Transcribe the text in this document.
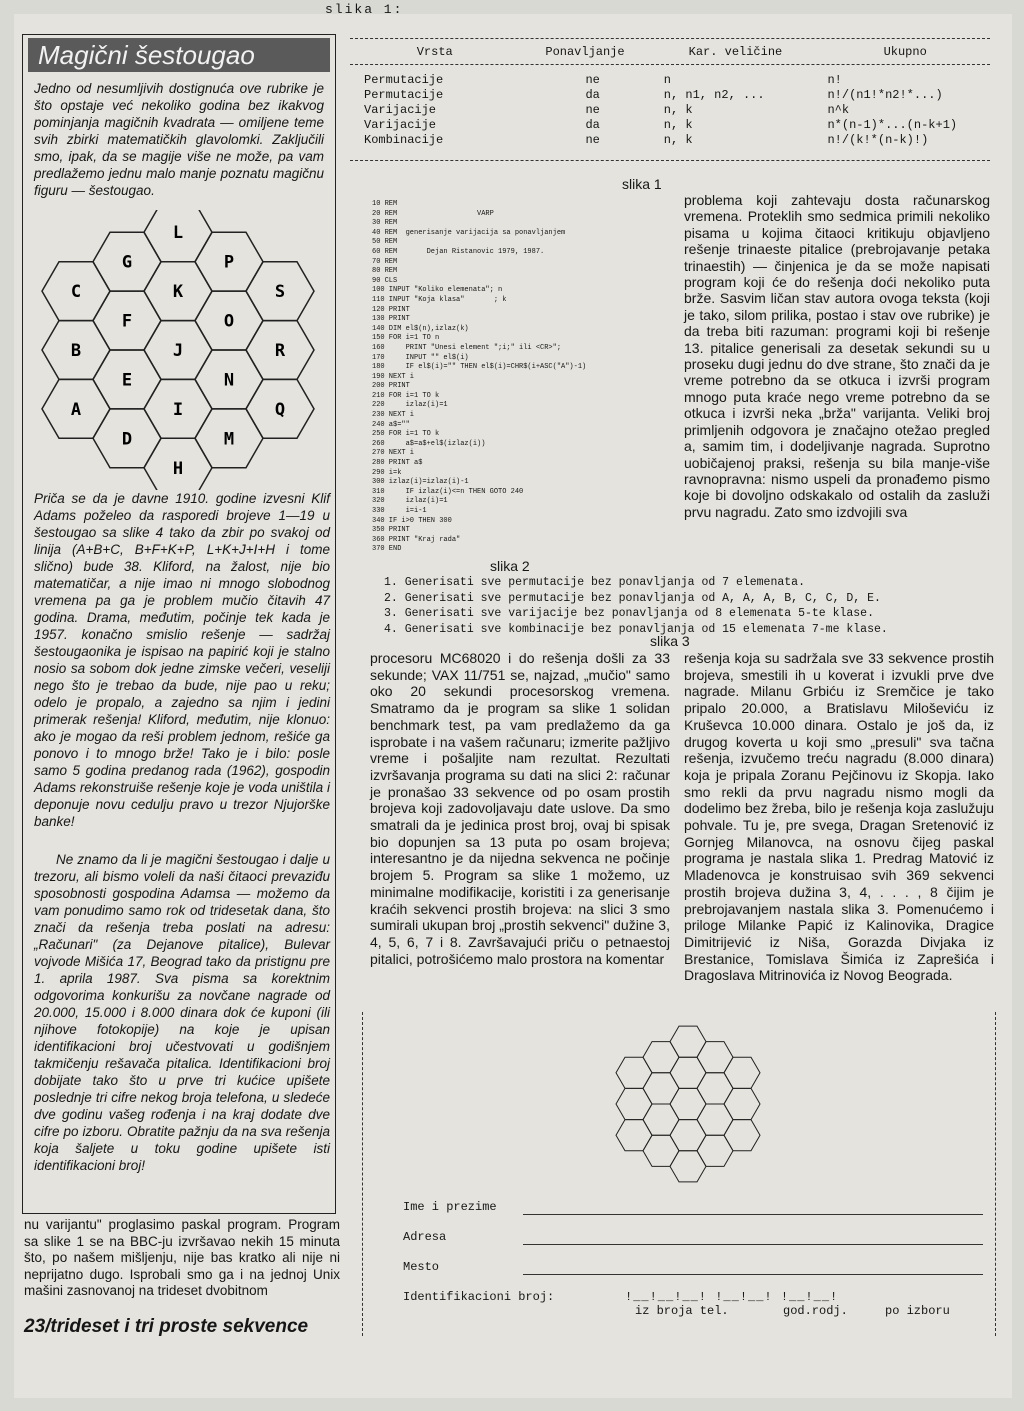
slika 1:
Magični šestougao
Jedno od nesumljivih dostignuća ove rubrike je što opstaje već nekoliko godina bez ikakvog pominjanja magičnih kvadrata — omiljene teme svih zbirki matematičkih glavolomki. Zaključili smo, ipak, da se magije više ne može, pa vam predlažemo jednu malo manje poznatu magičnu figuru — šestougao.
L
G	P
C	K	S
F	O
B	J	R
E	N
A	I	Q
D	M
H
Priča se da je davne 1910. godine izvesni Klif Adams poželeo da rasporedi brojeve 1—19 u šestougao sa slike 4 tako da zbir po svakoj od linija (A+B+C, B+F+K+P, L+K+J+I+H i tome slično) bude 38. Kliford, na žalost, nije bio matematičar, a nije imao ni mnogo slobodnog vremena pa ga je problem mučio čitavih 47 godina. Drama, međutim, počinje tek kada je 1957. konačno smislio rešenje — sadržaj šestougaonika je ispisao na papirić koji je stalno nosio sa sobom dok jedne zimske večeri, veseliji nego što je trebao da bude, nije pao u reku; odelo je propalo, a zajedno sa njim i jedini primerak rešenja! Kliford, međutim, nije klonuo: ako je mogao da reši problem jednom, rešiće ga ponovo i to mnogo brže! Tako je i bilo: posle samo 5 godina predanog rada (1962), gospodin Adams rekonstruiše rešenje koje je voda uništila i deponuje novu cedulju pravo u trezor Njujorške banke!
Ne znamo da li je magični šestougao i dalje u trezoru, ali bismo voleli da naši čitaoci prevaziđu sposobnosti gospodina Adamsa — možemo da vam ponudimo samo rok od tridesetak dana, što znači da rešenja treba poslati na adresu: „Računari" (za Dejanove pitalice), Bulevar vojvode Mišića 17, Beograd tako da pristignu pre 1. aprila 1987. Sva pisma sa korektnim odgovorima konkurišu za novčane nagrade od 20.000, 15.000 i 8.000 dinara dok će kuponi (ili njihove fotokopije) na koje je upisan identifikacioni broj učestvovati u godišnjem takmičenju rešavača pitalica. Identifikacioni broj dobijate tako što u prve tri kućice upišete poslednje tri cifre nekog broja telefona, u sledeće dve godinu vašeg rođenja i na kraj dodate dve cifre po izboru. Obratite pažnju da na sva rešenja koja šaljete u toku godine upišete isti identifikacioni broj!
nu varijantu" proglasimo paskal program. Program sa slike 1 se na BBC-ju izvršavao nekih 15 minuta što, po našem mišljenju, nije bas kratko ali nije ni neprijatno dugo. Isprobali smo ga i na jednoj Unix mašini zasnovanoj na trideset dvobitnom
23/trideset i tri proste sekvence
Vrsta	Ponavljanje	Kar. veličine	Ukupno
Permutacije	ne	n	n!
Permutacije	da	n, n1, n2, ...	n!/(n1!*n2!*...)
Varijacije	ne	n, k	n^k
Varijacije	da	n, k	n*(n-1)*...(n-k+1)
Kombinacije	ne	n, k	n!/(k!*(n-k)!)
slika 1
10 REM
20 REM                   VARP
30 REM
40 REM  generisanje varijacija sa ponavljanjem
50 REM
60 REM       Dejan Ristanovic 1979, 1987.
70 REM
80 REM
90 CLS
100 INPUT "Koliko elemenata"; n
110 INPUT "Koja klasa"       ; k
120 PRINT
130 PRINT
140 DIM el$(n),izlaz(k)
150 FOR i=1 TO n
160     PRINT "Unesi element ";i;" ili <CR>";
170     INPUT "" el$(i)
180     IF el$(i)="" THEN el$(i)=CHR$(i+ASC("A")-1)
190 NEXT i
200 PRINT
210 FOR i=1 TO k
220     izlaz(i)=1
230 NEXT i
240 a$=""
250 FOR i=1 TO k
260     a$=a$+el$(izlaz(i))
270 NEXT i
280 PRINT a$
290 i=k
300 izlaz(i)=izlaz(i)-1
310     IF izlaz(i)<=n THEN GOTO 240
320     izlaz(i)=1
330     i=i-1
340 IF i>0 THEN 300
350 PRINT
360 PRINT "Kraj rada"
370 END
slika 2
problema koji zahtevaju dosta računarskog vremena. Proteklih smo sedmica primili nekoliko pisama u kojima čitaoci kritikuju objavljeno rešenje trinaeste pitalice (prebrojavanje petaka trinaestih) — činjenica je da se može napisati program koji će do rešenja doći nekoliko puta brže. Sasvim ličan stav autora ovoga teksta (koji je tako, silom prilika, postao i stav ove rubrike) je da treba biti razuman: programi koji bi rešenje 13. pitalice generisali za desetak sekundi su u proseku dugi jednu do dve strane, što znači da je vreme potrebno da se otkuca i izvrši program mnogo puta kraće nego vreme potrebno da se otkuca i izvrši neka „brža" varijanta. Veliki broj primljenih odgovora je značajno otežao pregled a, samim tim, i dodeljivanje nagrada. Suprotno uobičajenoj praksi, rešenja su bila manje-više ravnopravna: nismo uspeli da pronađemo pismo koje bi dovoljno odskakalo od ostalih da zasluži prvu nagradu. Zato smo izdvojili sva
1. Generisati sve permutacije bez ponavljanja od 7 elemenata.
2. Generisati sve permutacije bez ponavljanja od A, A, A, B, C, C, D, E.
3. Generisati sve varijacije bez ponavljanja od 8 elemenata 5-te klase.
4. Generisati sve kombinacije bez ponavljanja od 15 elemenata 7-me klase.
slika 3
procesoru MC68020 i do rešenja došli za 33 sekunde; VAX 11/751 se, najzad, „mučio" samo oko 20 sekundi procesorskog vremena. Smatramo da je program sa slike 1 solidan benchmark test, pa vam predlažemo da ga isprobate i na vašem računaru; izmerite pažljivo vreme i pošaljite nam rezultat. Rezultati izvršavanja programa su dati na slici 2: računar je pronašao 33 sekvence od po osam prostih brojeva koji zadovoljavaju date uslove. Da smo smatrali da je jedinica prost broj, ovaj bi spisak bio dopunjen sa 13 puta po osam brojeva; interesantno je da nijedna sekvenca ne počinje brojem 5. Program sa slike 1 možemo, uz minimalne modifikacije, koristiti i za generisanje kraćih sekvenci prostih brojeva: na slici 3 smo sumirali ukupan broj „prostih sekvenci" dužine 3, 4, 5, 6, 7 i 8. Završavajući priču o petnaestoj pitalici, potrošićemo malo prostora na komentar
rešenja koja su sadržala sve 33 sekvence prostih brojeva, smestili ih u koverat i izvukli prve dve nagrade. Milanu Grbiću iz Sremčice je tako pripalo 20.000, a Bratislavu Miloševiću iz Kruševca 10.000 dinara. Ostalo je još da, iz drugog koverta u koji smo „presuli" sva tačna rešenja, izvučemo treću nagradu (8.000 dinara) koja je pripala Zoranu Pejčinovu iz Skopja. Iako smo rekli da prvu nagradu nismo mogli da dodelimo bez žreba, bilo je rešenja koja zaslužuju pohvale. Tu je, pre svega, Dragan Sretenović iz Gornjeg Milanovca, na osnovu čijeg paskal programa je nastala slika 1. Predrag Matović iz Mladenovca je konstruisao svih 369 sekvenci prostih brojeva dužina 3, 4, . . . , 8 čijim je prebrojavanjem nastala slika 3. Pomenućemo i priloge Milanke Papić iz Kalinovika, Dragice Dimitrijević iz Niša, Gorazda Divjaka iz Brestanice, Tomislava Šimića iz Zaprešića i Dragoslava Mitrinovića iz Novog Beograda.
Ime i prezime
Adresa
Mesto
Identifikacioni broj:	!__!__!__! !__!__! !__!__!
iz broja tel.	god.rodj.	po izboru
